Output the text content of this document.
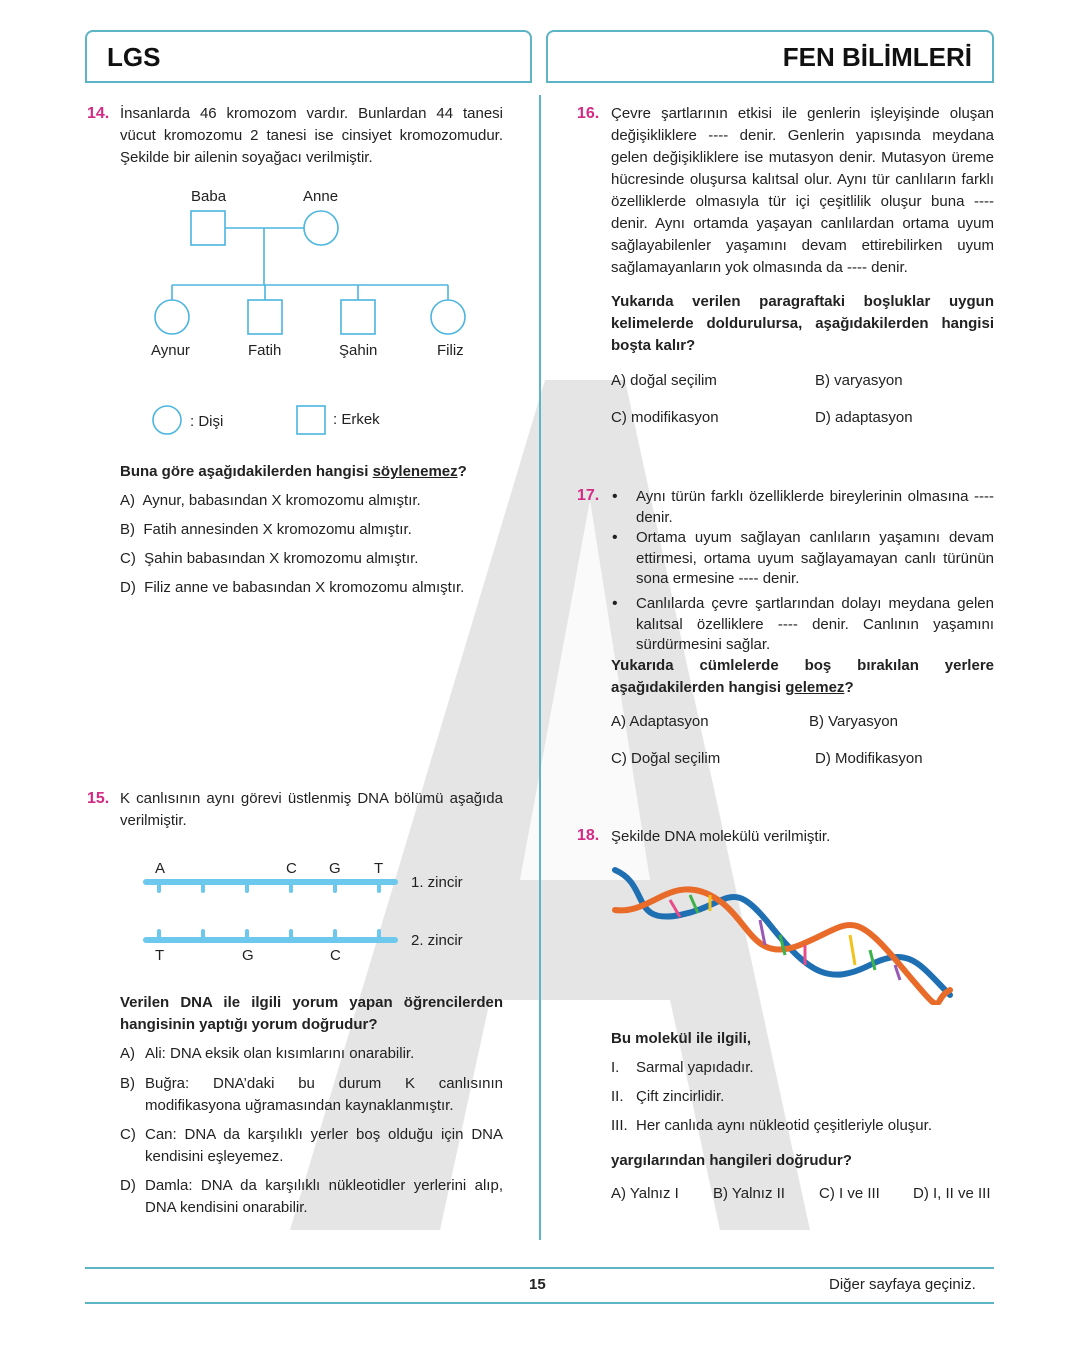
LGS	FEN BİLİMLERİ
14. İnsanlarda 46 kromozom vardır. Bunlardan 44 tanesi vücut kromozomu 2 tanesi ise cinsiyet kromozomudur. Şekilde bir ailenin soyağacı verilmiştir.
Baba	Anne
Aynur	Fatih	Şahin	Filiz
: Dişi	: Erkek
Buna göre aşağıdakilerden hangisi söylenemez?
A) Aynur, babasından X kromozomu almıştır.
B) Fatih annesinden X kromozomu almıştır.
C) Şahin babasından X kromozomu almıştır.
D) Filiz anne ve babasından X kromozomu almıştır.
15. K canlısının aynı görevi üstlenmiş DNA bölümü aşağıda verilmiştir.
A	C G T
T	G	C
1. zincir
2. zincir
Verilen DNA ile ilgili yorum yapan öğrencilerden hangisinin yaptığı yorum doğrudur?
A) Ali: DNA eksik olan kısımlarını onarabilir.
B) Buğra: DNA’daki bu durum K canlısının modifikasyona uğramasından kaynaklanmıştır.
C) Can: DNA da karşılıklı yerler boş olduğu için DNA kendisini eşleyemez.
D) Damla: DNA da karşılıklı nükleotidler yerlerini alıp, DNA kendisini onarabilir.
16. Çevre şartlarının etkisi ile genlerin işleyişinde oluşan değişikliklere ---- denir. Genlerin yapısında meydana gelen değişikliklere ise mutasyon denir. Mutasyon üreme hücresinde oluşursa kalıtsal olur. Aynı tür canlıların farklı özelliklerde olmasıyla tür içi çeşitlilik oluşur buna ---- denir. Aynı ortamda yaşayan canlılardan ortama uyum sağlayabilenler yaşamını devam ettirebilirken uyum sağlamayanların yok olmasında da ---- denir.
Yukarıda verilen paragraftaki boşluklar uygun kelimelerde doldurulursa, aşağıdakilerden hangisi boşta kalır?
A) doğal seçilim	B) varyasyon
C) modifikasyon	D) adaptasyon
17. • Aynı türün farklı özelliklerde bireylerinin olmasına ---- denir.
• Ortama uyum sağlayan canlıların yaşamını devam ettirmesi, ortama uyum sağlayamayan canlı türünün sona ermesine ---- denir.
• Canlılarda çevre şartlarından dolayı meydana gelen kalıtsal özelliklere ---- denir. Canlının yaşamını sürdürmesini sağlar.
Yukarıda cümlelerde boş bırakılan yerlere aşağıdakilerden hangisi gelemez?
A) Adaptasyon	B) Varyasyon
C) Doğal seçilim	D) Modifikasyon
18. Şekilde DNA molekülü verilmiştir.
Bu molekül ile ilgili,
I. Sarmal yapıdadır.
II. Çift zincirlidir.
III. Her canlıda aynı nükleotid çeşitleriyle oluşur.
yargılarından hangileri doğrudur?
A) Yalnız I B) Yalnız II C) I ve III D) I, II ve III
15	Diğer sayfaya geçiniz.
